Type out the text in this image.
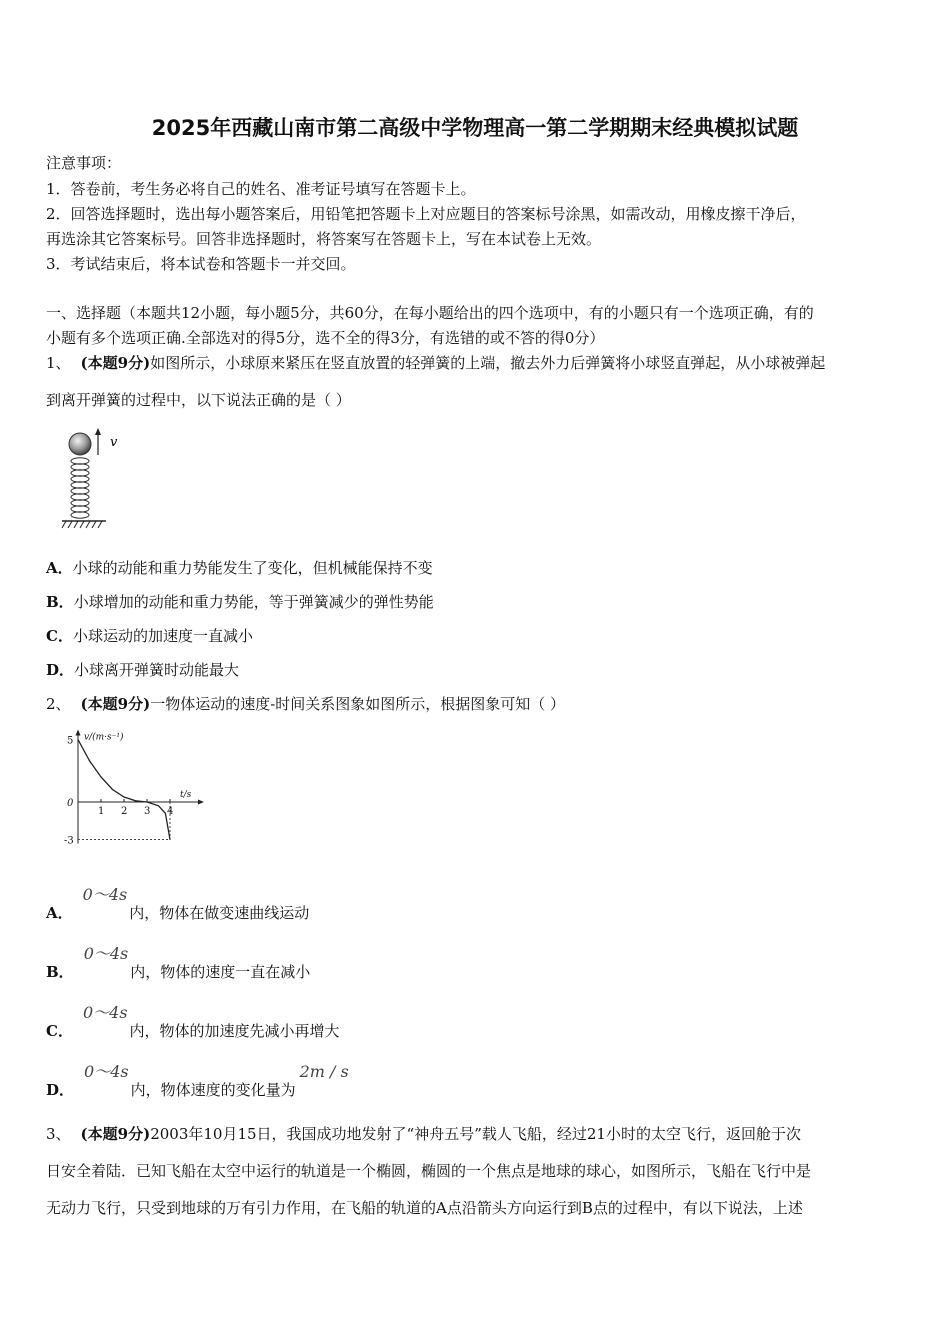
2025年西藏山南市第二高级中学物理高一第二学期期末经典模拟试题
注意事项：
1．答卷前，考生务必将自己的姓名、准考证号填写在答题卡上。
2．回答选择题时，选出每小题答案后，用铅笔把答题卡上对应题目的答案标号涂黑，如需改动，用橡皮擦干净后，
再选涂其它答案标号。回答非选择题时，将答案写在答题卡上，写在本试卷上无效。
3．考试结束后，将本试卷和答题卡一并交回。
一、选择题（本题共12小题，每小题5分，共60分，在每小题给出的四个选项中，有的小题只有一个选项正确，有的
小题有多个选项正确.全部选对的得5分，选不全的得3分，有选错的或不答的得0分）
1、 (本题9分)如图所示，小球原来紧压在竖直放置的轻弹簧的上端，撤去外力后弹簧将小球竖直弹起，从小球被弹起
到离开弹簧的过程中，以下说法正确的是（ ）
v
A．小球的动能和重力势能发生了变化，但机械能保持不变
B．小球增加的动能和重力势能，等于弹簧减少的弹性势能
C．小球运动的加速度一直减小
D．小球离开弹簧时动能最大
2、 (本题9分)一物体运动的速度-时间关系图象如图所示，根据图象可知（ ）
1 2 3 4
5
0
-3
v/(m·s⁻¹)
t/s
A．0～4s内，物体在做变速曲线运动
B．0～4s内，物体的速度一直在减小
C．0～4s内，物体的加速度先减小再增大
D．0～4s内，物体速度的变化量为2m / s
3、 (本题9分)2003年10月15日，我国成功地发射了“神舟五号”载人飞船，经过21小时的太空飞行，返回舱于次
日安全着陆．已知飞船在太空中运行的轨道是一个椭圆，椭圆的一个焦点是地球的球心，如图所示，飞船在飞行中是
无动力飞行，只受到地球的万有引力作用，在飞船的轨道的A点沿箭头方向运行到B点的过程中，有以下说法，上述
